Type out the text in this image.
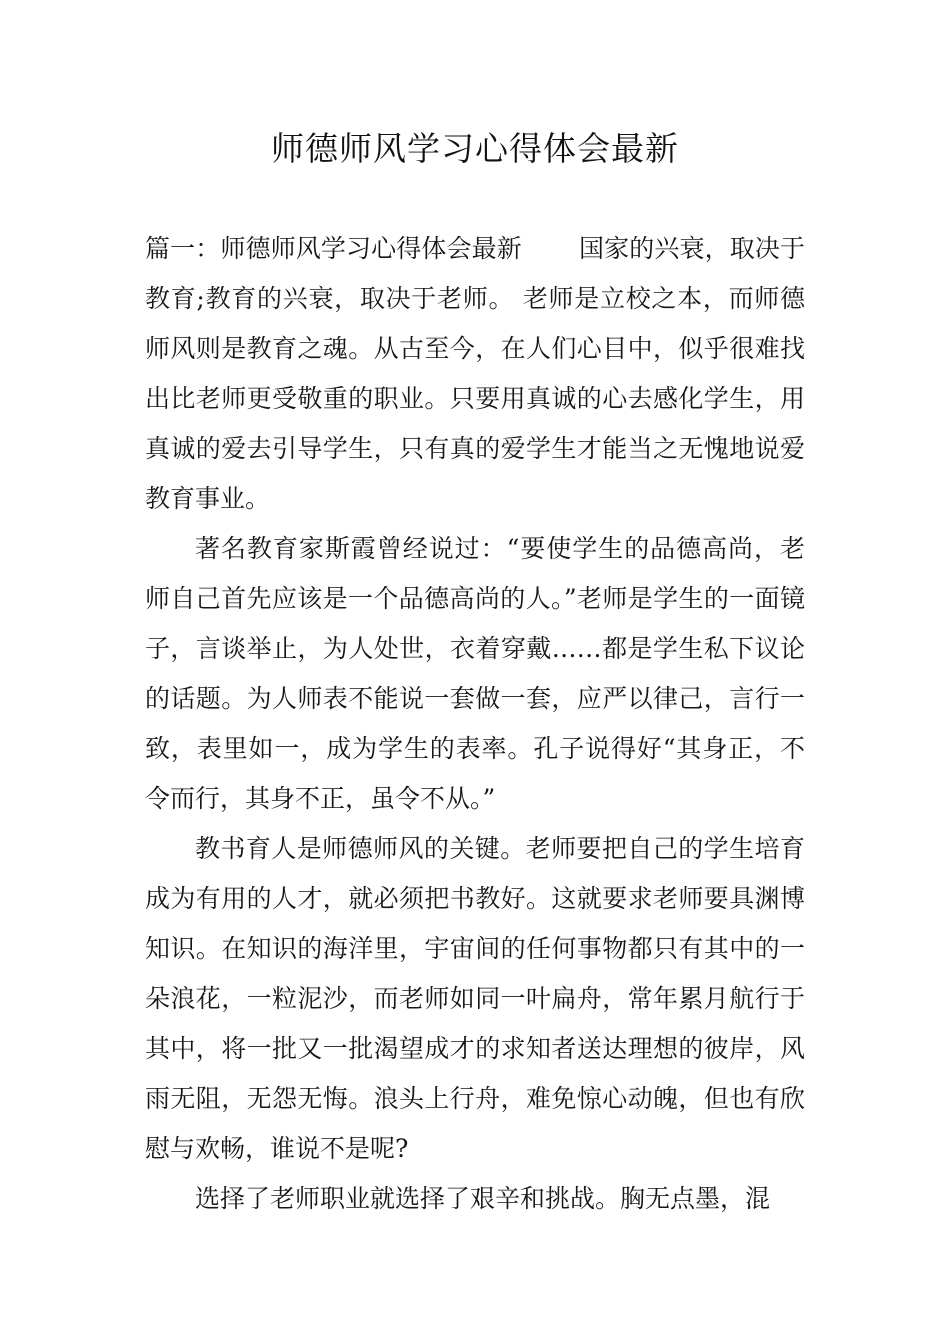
师德师风学习心得体会最新

篇一：师德师风学习心得体会最新 国家的兴衰，取决于教育;教育的兴衰，取决于老师。 老师是立校之本，而师德师风则是教育之魂。从古至今，在人们心目中，似乎很难找出比老师更受敬重的职业。只要用真诚的心去感化学生，用真诚的爱去引导学生，只有真的爱学生才能当之无愧地说爱教育事业。

著名教育家斯霞曾经说过：“要使学生的品德高尚，老师自己首先应该是一个品德高尚的人。”老师是学生的一面镜子，言谈举止，为人处世，衣着穿戴……都是学生私下议论的话题。为人师表不能说一套做一套，应严以律己，言行一致，表里如一，成为学生的表率。孔子说得好“其身正，不令而行，其身不正，虽令不从。”

教书育人是师德师风的关键。老师要把自己的学生培育成为有用的人才，就必须把书教好。这就要求老师要具渊博知识。在知识的海洋里，宇宙间的任何事物都只有其中的一朵浪花，一粒泥沙，而老师如同一叶扁舟，常年累月航行于其中，将一批又一批渴望成才的求知者送达理想的彼岸，风雨无阻，无怨无悔。浪头上行舟，难免惊心动魄，但也有欣慰与欢畅，谁说不是呢?

选择了老师职业就选择了艰辛和挑战。胸无点墨，混
